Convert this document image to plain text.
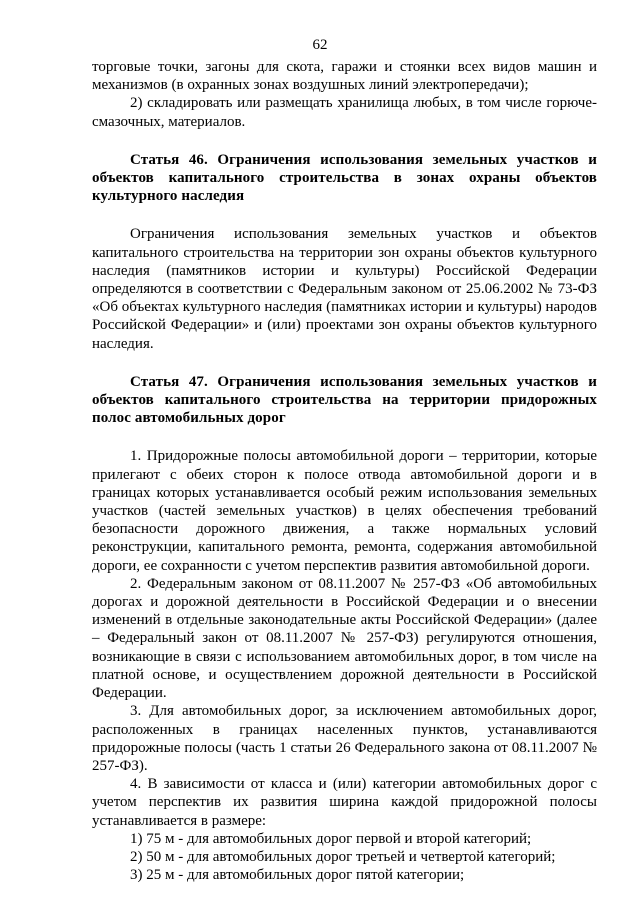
62

торговые точки, загоны для скота, гаражи и стоянки всех видов машин и механизмов (в охранных зонах воздушных линий электропередачи);

2) складировать или размещать хранилища любых, в том числе горюче-смазочных, материалов.

Статья 46. Ограничения использования земельных участков и объектов капитального строительства в зонах охраны объектов культурного наследия

Ограничения использования земельных участков и объектов капитального строительства на территории зон охраны объектов культурного наследия (памятников истории и культуры) Российской Федерации определяются в соответствии с Федеральным законом от 25.06.2002 № 73-ФЗ «Об объектах культурного наследия (памятниках истории и культуры) народов Российской Федерации» и (или) проектами зон охраны объектов культурного наследия.

Статья 47. Ограничения использования земельных участков и объектов капитального строительства на территории придорожных полос автомобильных дорог

1. Придорожные полосы автомобильной дороги – территории, которые прилегают с обеих сторон к полосе отвода автомобильной дороги и в границах которых устанавливается особый режим использования земельных участков (частей земельных участков) в целях обеспечения требований безопасности дорожного движения, а также нормальных условий реконструкции, капитального ремонта, ремонта, содержания автомобильной дороги, ее сохранности с учетом перспектив развития автомобильной дороги.

2. Федеральным законом от 08.11.2007 № 257-ФЗ «Об автомобильных дорогах и дорожной деятельности в Российской Федерации и о внесении изменений в отдельные законодательные акты Российской Федерации» (далее – Федеральный закон от 08.11.2007 № 257-ФЗ) регулируются отношения, возникающие в связи с использованием автомобильных дорог, в том числе на платной основе, и осуществлением дорожной деятельности в Российской Федерации.

3. Для автомобильных дорог, за исключением автомобильных дорог, расположенных в границах населенных пунктов, устанавливаются придорожные полосы (часть 1 статьи 26 Федерального закона от 08.11.2007 № 257-ФЗ).

4. В зависимости от класса и (или) категории автомобильных дорог с учетом перспектив их развития ширина каждой придорожной полосы устанавливается в размере:

1) 75 м - для автомобильных дорог первой и второй категорий;

2) 50 м - для автомобильных дорог третьей и четвертой категорий;

3) 25 м - для автомобильных дорог пятой категории;
